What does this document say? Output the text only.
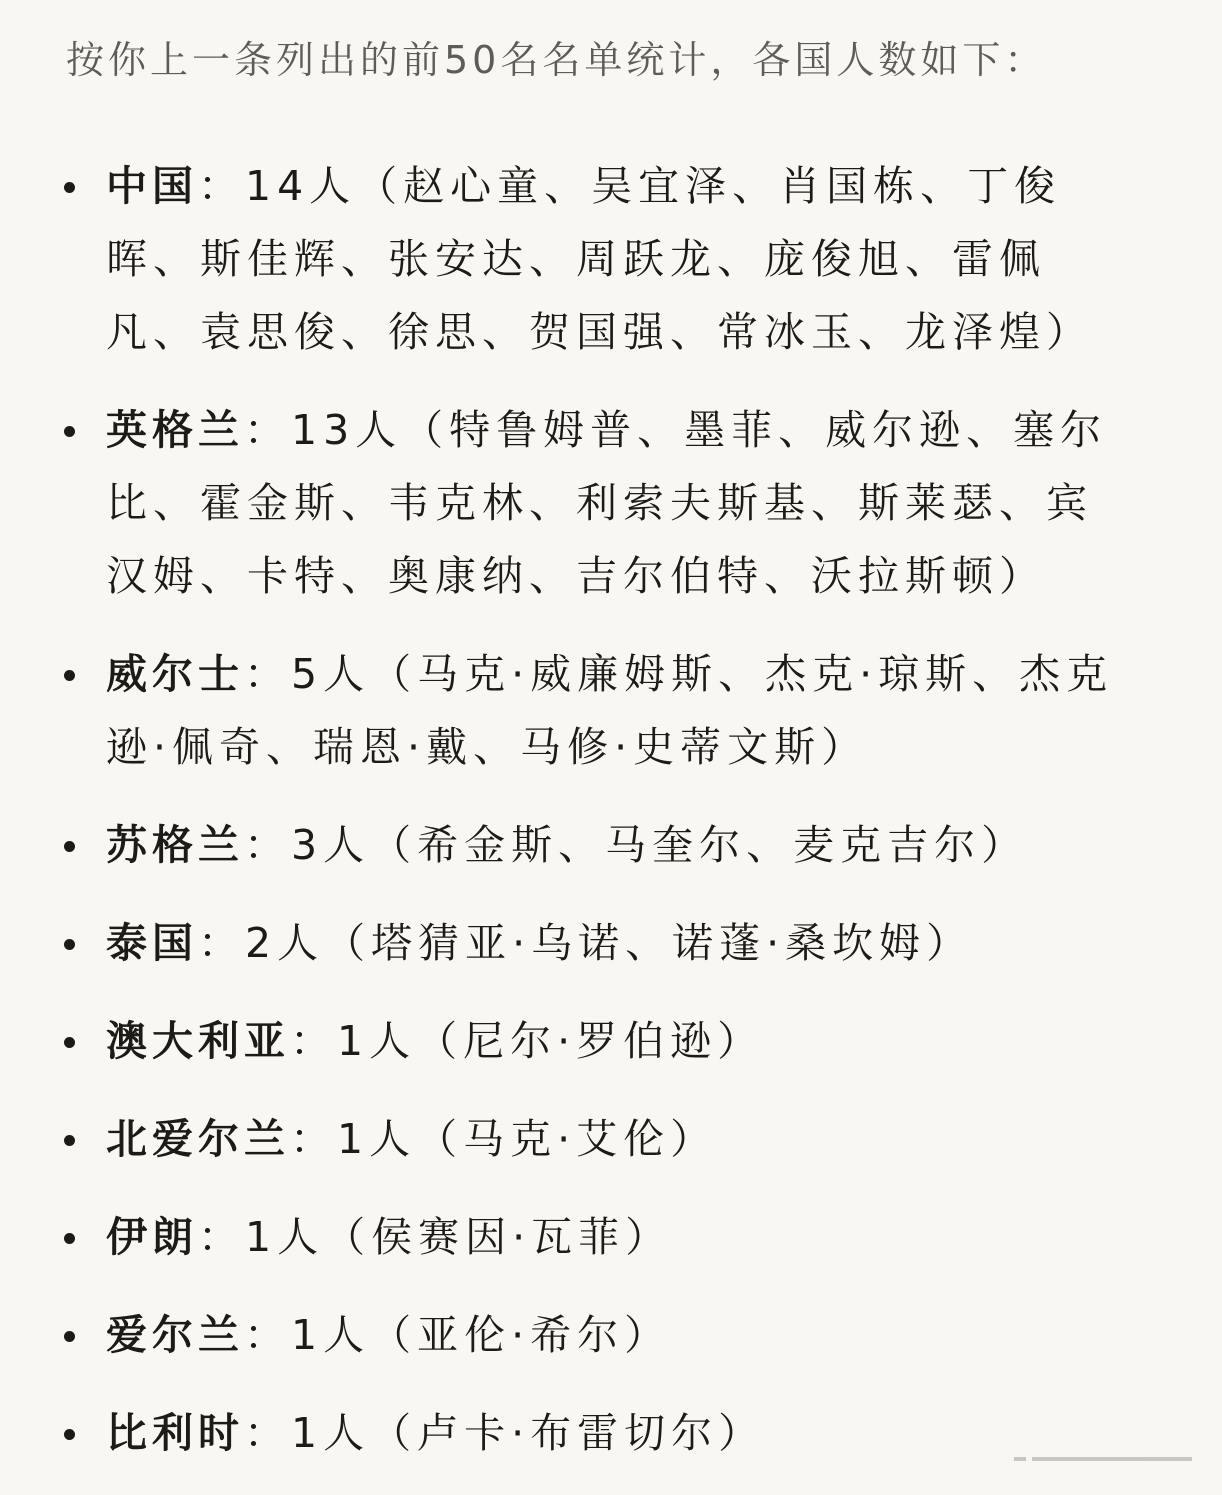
按你上一条列出的前50名名单统计，各国人数如下：
中国：14人（赵心童、吴宜泽、肖国栋、丁俊晖、斯佳辉、张安达、周跃龙、庞俊旭、雷佩凡、袁思俊、徐思、贺国强、常冰玉、龙泽煌）
英格兰：13人（特鲁姆普、墨菲、威尔逊、塞尔比、霍金斯、韦克林、利索夫斯基、斯莱瑟、宾汉姆、卡特、奥康纳、吉尔伯特、沃拉斯顿）
威尔士：5人（马克·威廉姆斯、杰克·琼斯、杰克逊·佩奇、瑞恩·戴、马修·史蒂文斯）
苏格兰：3人（希金斯、马奎尔、麦克吉尔）
泰国：2人（塔猜亚·乌诺、诺蓬·桑坎姆）
澳大利亚：1人（尼尔·罗伯逊）
北爱尔兰：1人（马克·艾伦）
伊朗：1人（侯赛因·瓦菲）
爱尔兰：1人（亚伦·希尔）
比利时：1人（卢卡·布雷切尔）
